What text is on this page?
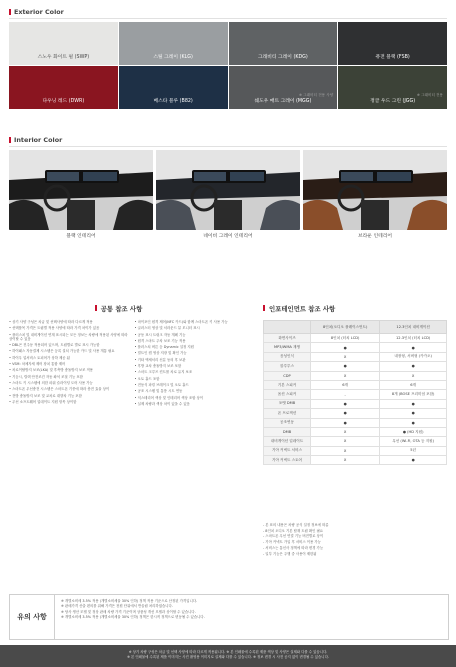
Exterior Color
스노우 화이트 펄 (SWP)	스틸 그레이 (KLG)	그래비티 그레이 (KDG)	퓨전 블랙 (FSB)
다우닝 레드 (DWR)	베스타 블루 (B82)	쉐도우 매트 그레이 (MGG)
※ 그래비티 전용 사양
정글 우드 그린 (JGG)
※ 그래비티 전용
Interior Color
블랙 인테리어	네이비 그레이 인테리어	브라운 인테리어
공통 참조 사항

• 상기 사양 구성은 차급 및 선택사양에 따라 다르게 적용

• 선택품목 가격은 트림별 적용 사양에 따라 가격 차이가 있음

• 플러스치 및 내비게이션 연계 표시되는 모든 정보는 차량에 적용된 사양에 따라 상이할 수 있음

• DBL은 진주동 적용되어 있으며, 트림별로 별로 표시 가능함

• 하이패스 자동결제 시스템은 등록 설치 가능한 카드 및 사용 개통 필요

• 하이우 업서비스 토피어가 상하 제공 됨

• VSM: 차체자세 제어 장치 통합 제어

• 차로이탈방지 보조(LKA) 및 후측방 충돌방지 보조 적용

• 기둥시, 릴렉 안전조건 자동 좌석 조절 기능 포함

• 스마트 키 시스템에 의한 파워 슬라이딩 도어 사용 가능

• 스마트폰 무선충전 시스템은 스마트폰 기종에 따라 충전 효율 상이

• 전방 충돌방지 보조 및 교차로 대향차 기능 포함

• 무선 소프트웨어 업데이트 지원 항목 상이함

• 마이포인 원격 제어(NFC 카드)와 함께 스마트폰 키 사용 가능

• 클러스터 영상 및 서라운드 뷰 모니터 표시

• 공동 표시 트렁크 자동 개폐 기능

• 원격 스마트 주차 보조 기능 적용

• 플러스치 버튼 등 Dynamic 설정 지원

• 빌트인 캠 영상 저장 및 확인 가능

• 기타 액세서리 신분 동의 후 보관

• 후방 교차 충돌방지 보조 포함

• 스마트 크루즈 컨트롤 차로 유지 보조

• 오토 홀드 포함

• 전동식 파킹 브레이크 및 오토 홀드

• 공조 시스템 및 통풍 시트 연동

• 익스테리어 색상 및 인테리어 색상 조합 상이

• 실제 차량과 색상 차이 있을 수 있음

인포테인먼트 참조 사항
	8인치(오디오 플레이스먼트)	12.3인치 내비게이션
화면사이즈	8인치 (터치 LCD)	12.3인치 (터치 LCD)
MP3/WMA 재생	●	●
음성인식	X	내장형, 서버형 (카카오)
블루투스	●	●
CDP	X	X
기본 스피커	6개	6개
옵션 스피커	-	8개 (BOSE 프리미엄 포함)
포맷 DMB	●	●
폰 프로젝션	●	●
공조연동	●	●
DMB	X	● (HD 지원)
내비게이션 업데이트	X	무선 (Wi-Fi, OTA 등 지원)
기아 커넥트 서비스	X	5년
기아 커넥트 스토어	X	●

- 본 표의 내용은 차량 공식 설정 정보에 따름

- 8인치 오디오 기본 탑재 트림 확인 필요

- 스마트폰 무선 연결 기능 버전별로 상이

- 기아 커넥트 가입 후 서비스 이용 가능

- 서비스는 통신사 정책에 따라 변경 가능

- 일부 기능은 주행 중 사용이 제한됨

유의 사항

※ 개별소비세 3.5% 적용 (개별소비세율 30% 인하) 정책 적용 기준으로 산정된 가격입니다.

※ 판매가격 산출 편의를 위해 가격은 천원 단위에서 반올림 처리하였습니다.

※ 당사 생산 모델 및 정상 판매 차량 가격 기준이며 상품성 개선 모델과 상이할 수 있습니다.

※ 개별소비세 3.5% 적용 (개별소비세율 30% 인하) 정책은 한시적 정책으로 변동될 수 있습니다.

※ 상기 차량 구성은 차급 및 선택 사양에 따라 다르게 적용됩니다. ※ 본 인쇄물에 수록된 제품 색상 및 사양은 실제와 다를 수 있습니다.

※ 본 인쇄물에 수록된 제품 이미지는 사진 촬영용 이미지로 실제와 다를 수 있습니다. ※ 정보 변경 시 사전 공지 없이 변경될 수 있습니다.
